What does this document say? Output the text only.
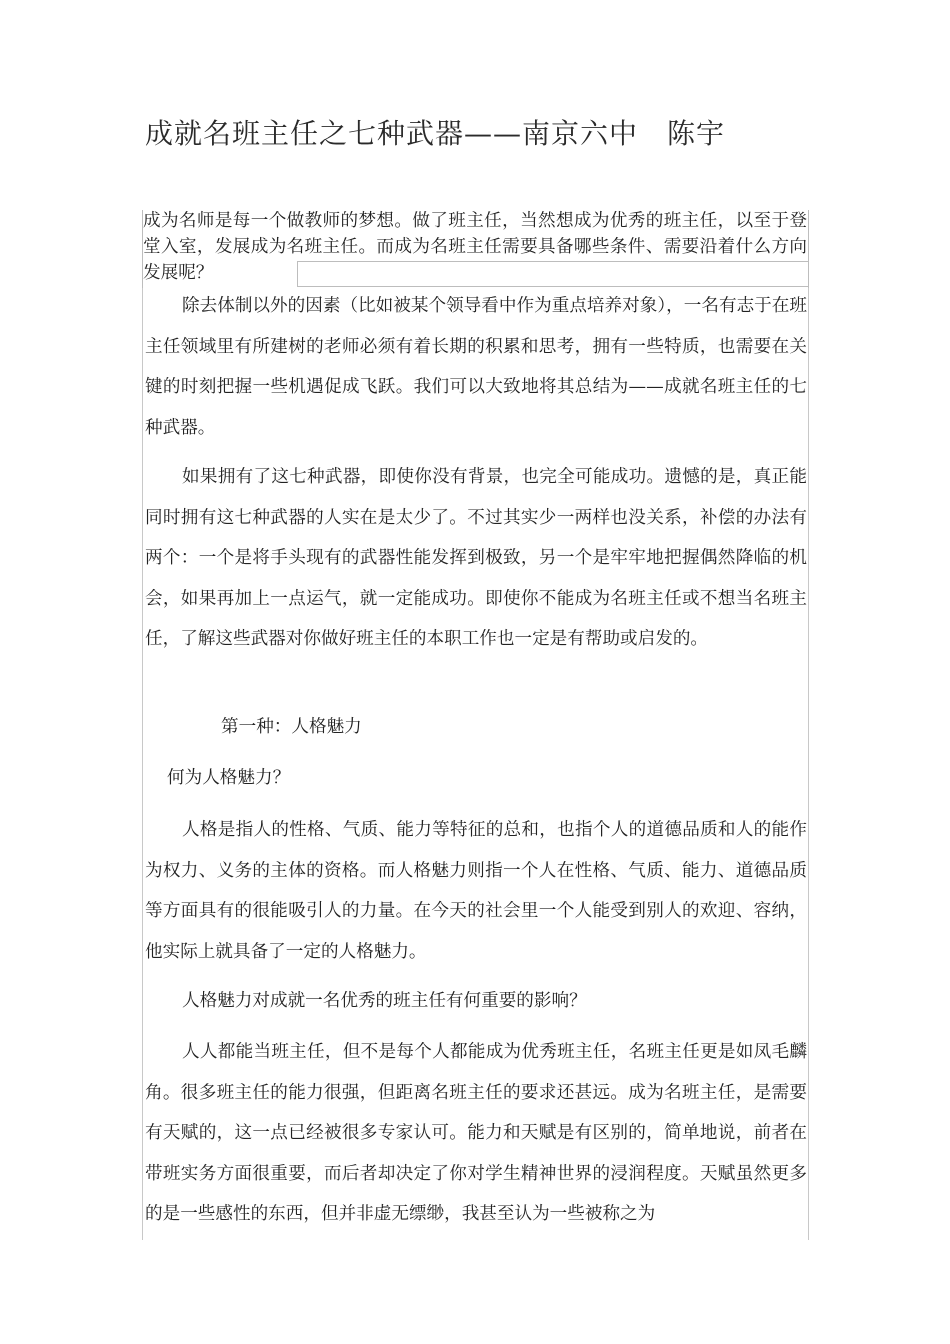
成就名班主任之七种武器——南京六中　陈宇
成为名师是每一个做教师的梦想。做了班主任，当然想成为优秀的班主任，以至于登堂入室，发展成为名班主任。而成为名班主任需要具备哪些条件、需要沿着什么方向发展呢？
除去体制以外的因素（比如被某个领导看中作为重点培养对象），一名有志于在班主任领域里有所建树的老师必须有着长期的积累和思考，拥有一些特质，也需要在关键的时刻把握一些机遇促成飞跃。我们可以大致地将其总结为——成就名班主任的七种武器。
如果拥有了这七种武器，即使你没有背景，也完全可能成功。遗憾的是，真正能同时拥有这七种武器的人实在是太少了。不过其实少一两样也没关系，补偿的办法有两个：一个是将手头现有的武器性能发挥到极致，另一个是牢牢地把握偶然降临的机会，如果再加上一点运气，就一定能成功。即使你不能成为名班主任或不想当名班主任，了解这些武器对你做好班主任的本职工作也一定是有帮助或启发的。
第一种：人格魅力
何为人格魅力？
人格是指人的性格、气质、能力等特征的总和，也指个人的道德品质和人的能作为权力、义务的主体的资格。而人格魅力则指一个人在性格、气质、能力、道德品质等方面具有的很能吸引人的力量。在今天的社会里一个人能受到别人的欢迎、容纳，他实际上就具备了一定的人格魅力。
人格魅力对成就一名优秀的班主任有何重要的影响？
人人都能当班主任，但不是每个人都能成为优秀班主任，名班主任更是如凤毛麟角。很多班主任的能力很强，但距离名班主任的要求还甚远。成为名班主任，是需要有天赋的，这一点已经被很多专家认可。能力和天赋是有区别的，简单地说，前者在带班实务方面很重要，而后者却决定了你对学生精神世界的浸润程度。天赋虽然更多的是一些感性的东西，但并非虚无缥缈，我甚至认为一些被称之为
